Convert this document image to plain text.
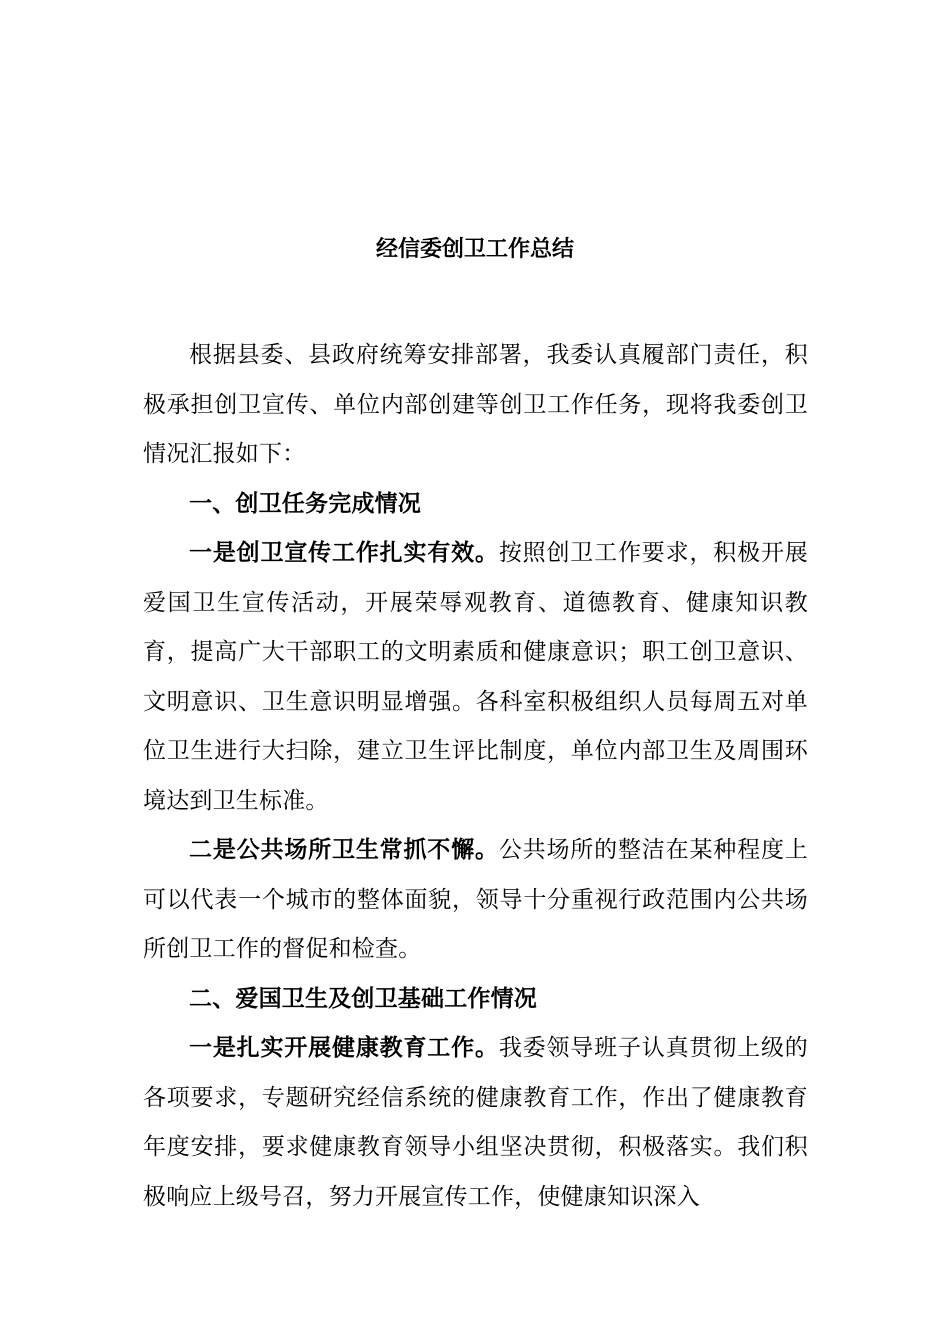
经信委创卫工作总结

根据县委、县政府统筹安排部署，我委认真履部门责任，积极承担创卫宣传、单位内部创建等创卫工作任务，现将我委创卫情况汇报如下：

一、创卫任务完成情况

一是创卫宣传工作扎实有效。按照创卫工作要求，积极开展爱国卫生宣传活动，开展荣辱观教育、道德教育、健康知识教育，提高广大干部职工的文明素质和健康意识；职工创卫意识、文明意识、卫生意识明显增强。各科室积极组织人员每周五对单位卫生进行大扫除，建立卫生评比制度，单位内部卫生及周围环境达到卫生标准。

二是公共场所卫生常抓不懈。公共场所的整洁在某种程度上可以代表一个城市的整体面貌，领导十分重视行政范围内公共场所创卫工作的督促和检查。

二、爱国卫生及创卫基础工作情况

一是扎实开展健康教育工作。我委领导班子认真贯彻上级的各项要求，专题研究经信系统的健康教育工作，作出了健康教育年度安排，要求健康教育领导小组坚决贯彻，积极落实。我们积极响应上级号召，努力开展宣传工作，使健康知识深入
